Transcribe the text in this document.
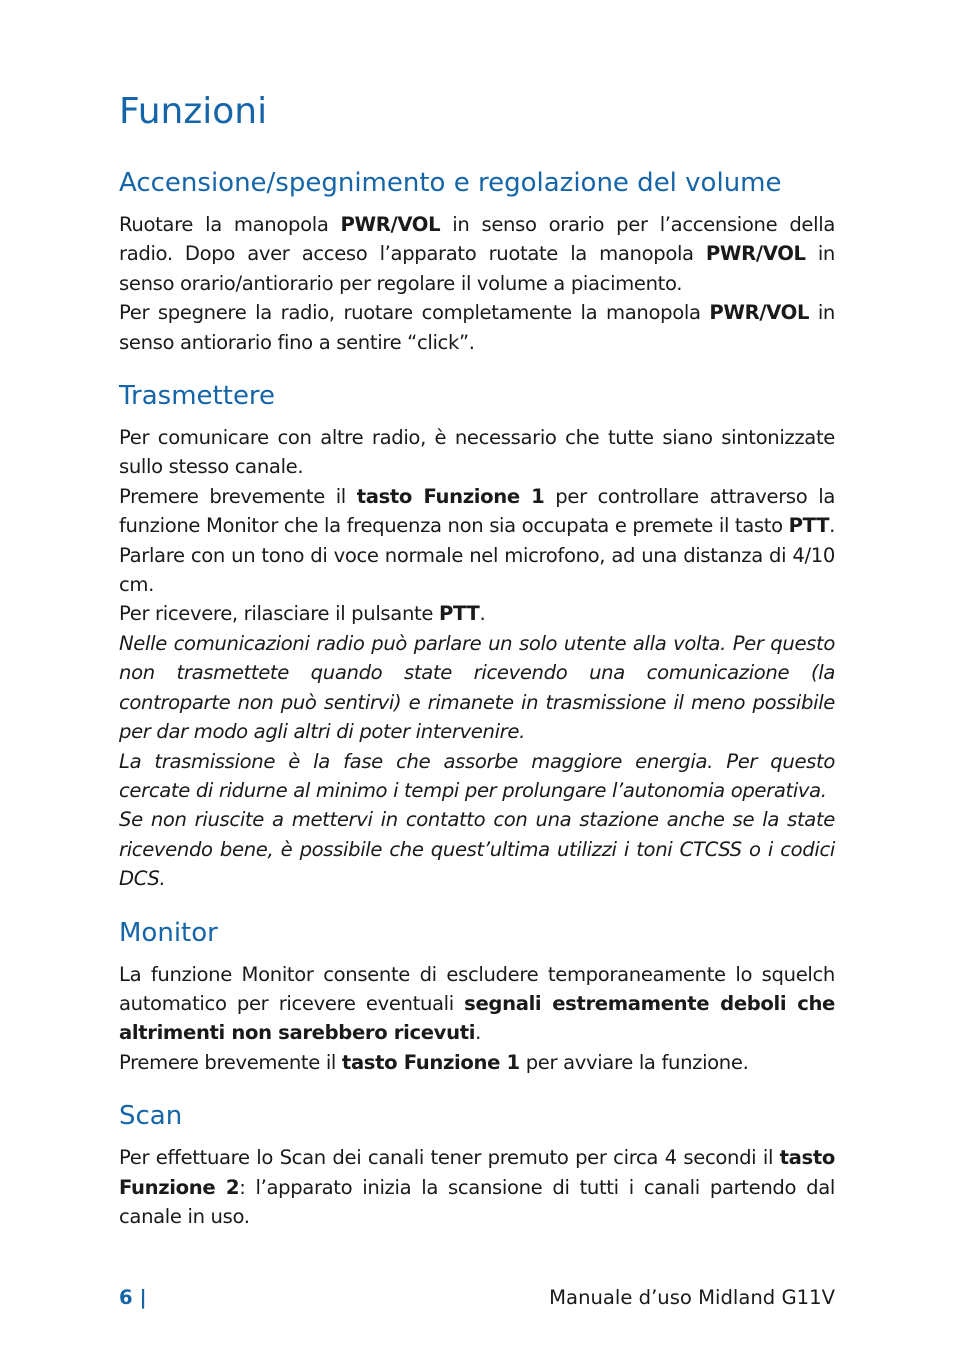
Funzioni
Accensione/spegnimento e regolazione del volume

Ruotare la manopola PWR/VOL in senso orario per l’accensione della radio. Dopo aver acceso l’apparato ruotate la manopola PWR/VOL in senso orario/antiorario per regolare il volume a piacimento.

Per spegnere la radio, ruotare completamente la manopola PWR/VOL in senso antiorario fino a sentire “click”.

Trasmettere

Per comunicare con altre radio, è necessario che tutte siano sintonizzate sullo stesso canale.

Premere brevemente il tasto Funzione 1 per controllare attraverso la funzione Monitor che la frequenza non sia occupata e premete il tasto PTT.

Parlare con un tono di voce normale nel microfono, ad una distanza di 4/10 cm.

Per ricevere, rilasciare il pulsante PTT.

Nelle comunicazioni radio può parlare un solo utente alla volta. Per questo non trasmettete quando state ricevendo una comunicazione (la controparte non può sentirvi) e rimanete in trasmissione il meno possibile per dar modo agli altri di poter intervenire.

La trasmissione è la fase che assorbe maggiore energia. Per questo cercate di ridurne al minimo i tempi per prolungare l’autonomia operativa.

Se non riuscite a mettervi in contatto con una stazione anche se la state ricevendo bene, è possibile che quest’ultima utilizzi i toni CTCSS o i codici DCS.

Monitor

La funzione Monitor consente di escludere temporaneamente lo squelch automatico per ricevere eventuali segnali estremamente deboli che altrimenti non sarebbero ricevuti.

Premere brevemente il tasto Funzione 1 per avviare la funzione.

Scan

Per effettuare lo Scan dei canali tener premuto per circa 4 secondi il tasto Funzione 2: l’apparato inizia la scansione di tutti i canali partendo dal canale in uso.

6 |	Manuale d’uso Midland G11V
